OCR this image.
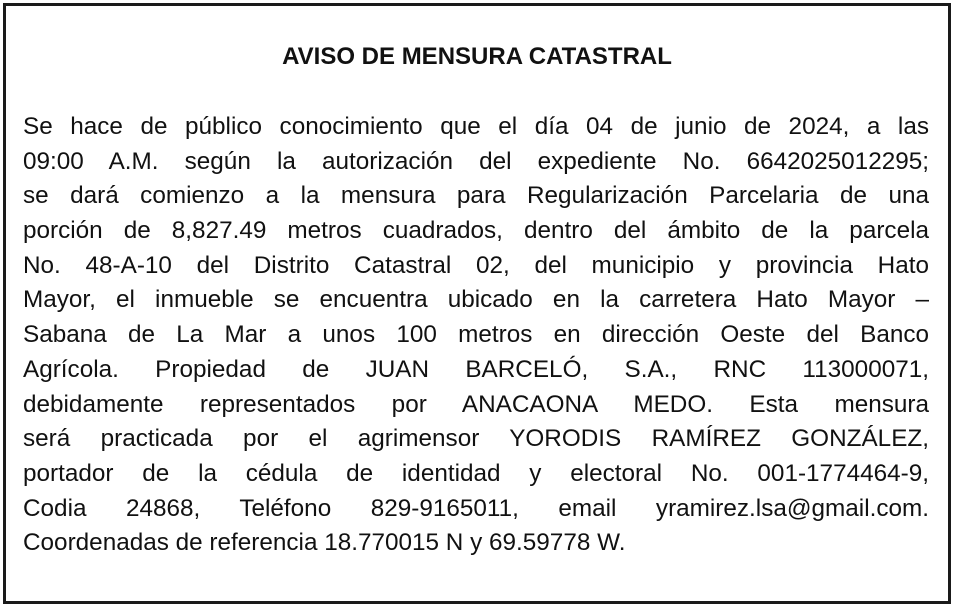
AVISO DE MENSURA CATASTRAL
Se hace de público conocimiento que el día 04 de junio de 2024, a las
09:00 A.M. según la autorización del expediente No. 6642025012295;
se dará comienzo a la mensura para Regularización Parcelaria de una
porción de 8,827.49 metros cuadrados, dentro del ámbito de la parcela
No. 48-A-10 del Distrito Catastral 02, del municipio y provincia Hato
Mayor, el inmueble se encuentra ubicado en la carretera Hato Mayor –
Sabana de La Mar a unos 100 metros en dirección Oeste del Banco
Agrícola. Propiedad de JUAN BARCELÓ, S.A., RNC 113000071,
debidamente representados por ANACAONA MEDO. Esta mensura
será practicada por el agrimensor YORODIS RAMÍREZ GONZÁLEZ,
portador de la cédula de identidad y electoral No. 001-1774464-9,
Codia 24868, Teléfono 829-9165011, email yramirez.lsa@gmail.com.
Coordenadas de referencia 18.770015 N y 69.59778 W.
